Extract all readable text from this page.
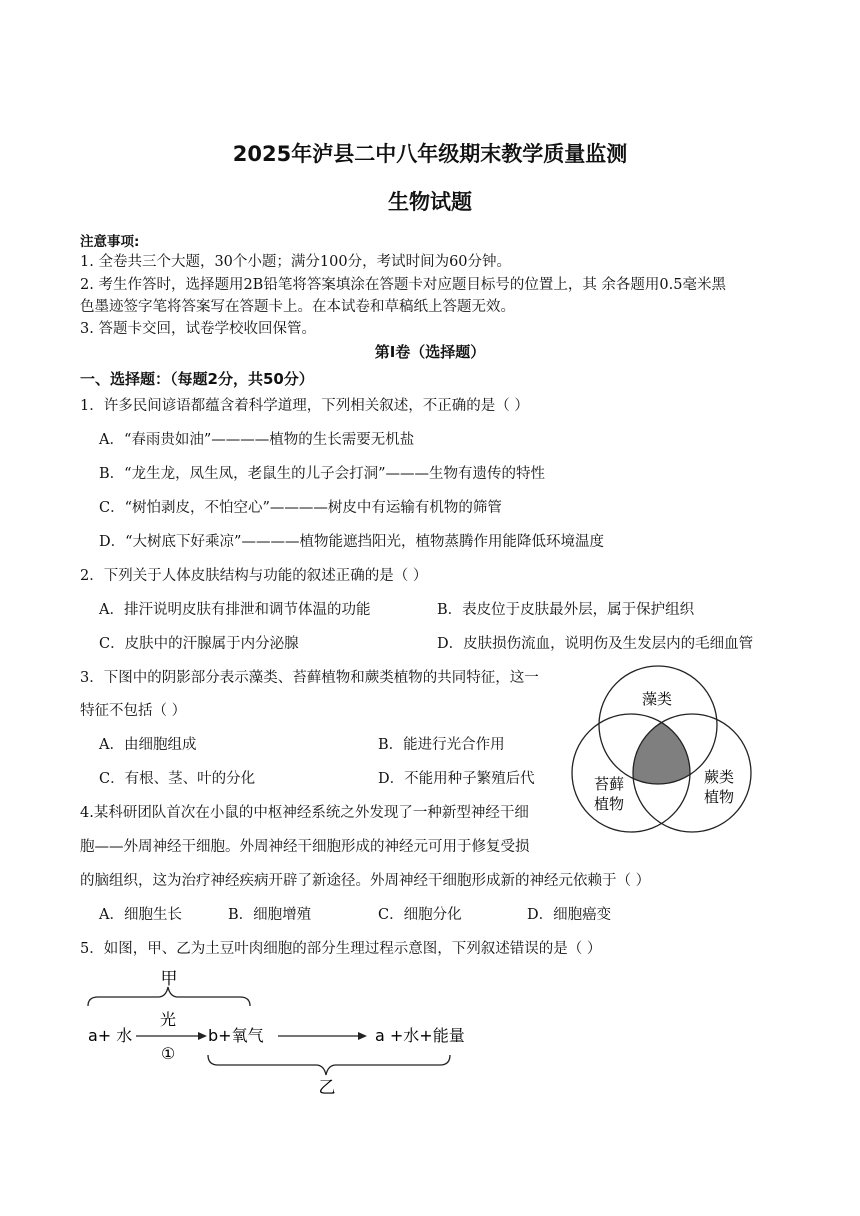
2025年泸县二中八年级期末教学质量监测
生物试题
注意事项:
1. 全卷共三个大题，30个小题；满分100分，考试时间为60分钟。
2. 考生作答时，选择题用2B铅笔将答案填涂在答题卡对应题目标号的位置上，其 余各题用0.5毫米黑
色墨迹签字笔将答案写在答题卡上。在本试卷和草稿纸上答题无效。
3. 答题卡交回，试卷学校收回保管。
第Ⅰ卷（选择题）
一、选择题：（每题2分，共50分）
1．许多民间谚语都蕴含着科学道理，下列相关叙述，不正确的是（ ）
A．“春雨贵如油”————植物的生长需要无机盐
B．“龙生龙，凤生凤，老鼠生的儿子会打洞”———生物有遗传的特性
C．“树怕剥皮，不怕空心”————树皮中有运输有机物的筛管
D．“大树底下好乘凉”————植物能遮挡阳光，植物蒸腾作用能降低环境温度
2．下列关于人体皮肤结构与功能的叙述正确的是（ ）
A．排汗说明皮肤有排泄和调节体温的功能	B．表皮位于皮肤最外层，属于保护组织
C．皮肤中的汗腺属于内分泌腺	D．皮肤损伤流血，说明伤及生发层内的毛细血管
3．下图中的阴影部分表示藻类、苔藓植物和蕨类植物的共同特征，这一
特征不包括（ ）
A．由细胞组成	B．能进行光合作用
C．有根、茎、叶的分化	D．不能用种子繁殖后代
藻类
苔藓
植物
蕨类
植物
4.某科研团队首次在小鼠的中枢神经系统之外发现了一种新型神经干细
胞——外周神经干细胞。外周神经干细胞形成的神经元可用于修复受损
的脑组织，这为治疗神经疾病开辟了新途径。外周神经干细胞形成新的神经元依赖于（ ）
A．细胞生长	B．细胞增殖	C．细胞分化	D．细胞癌变
5．如图，甲、乙为土豆叶肉细胞的部分生理过程示意图，下列叙述错误的是（ ）
甲
a+ 水
光
①
b+氧气	a +水+能量
乙
